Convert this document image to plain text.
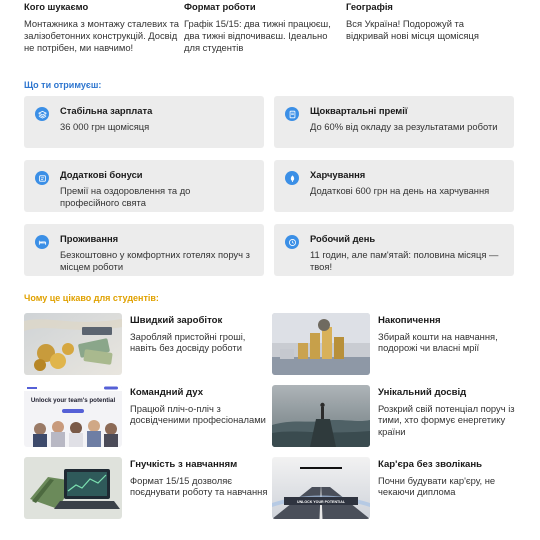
Кого шукаємо

Монтажника з монтажу сталевих та залізобетонних конструкцій. Досвід не потрібен, ми навчимо!

Формат роботи

Графік 15/15: два тижні працюєш, два тижні відпочиваєш. Ідеально для студентів

Географія

Вся Україна! Подорожуй та відкривай нові місця щомісяця

Що ти отримуєш:
Стабільна зарплата

36 000 грн щомісяця

Щоквартальні премії

До 60% від окладу за результатами роботи

Додаткові бонуси

Премії на оздоровлення та до професійного свята

Харчування

Додаткові 600 грн на день на харчування

Проживання

Безкоштовно у комфортних готелях поруч з місцем роботи

Робочий день

11 годин, але пам'ятай: половина місяця — твоя!

Чому це цікаво для студентів:
Швидкий заробіток

Заробляй пристойні гроші, навіть без досвіду роботи

Накопичення

Збирай кошти на навчання, подорожі чи власні мрії

Unlock your team's potential
Командний дух

Працюй пліч-о-пліч з досвідченими професіоналами

Унікальний досвід

Розкрий свій потенціал поруч із тими, хто формує енергетику країни

Гнучкість з навчанням

Формат 15/15 дозволяє поєднувати роботу та навчання

UNLOCK YOUR POTENTIAL
Кар'єра без зволікань

Почни будувати кар'єру, не чекаючи диплома
